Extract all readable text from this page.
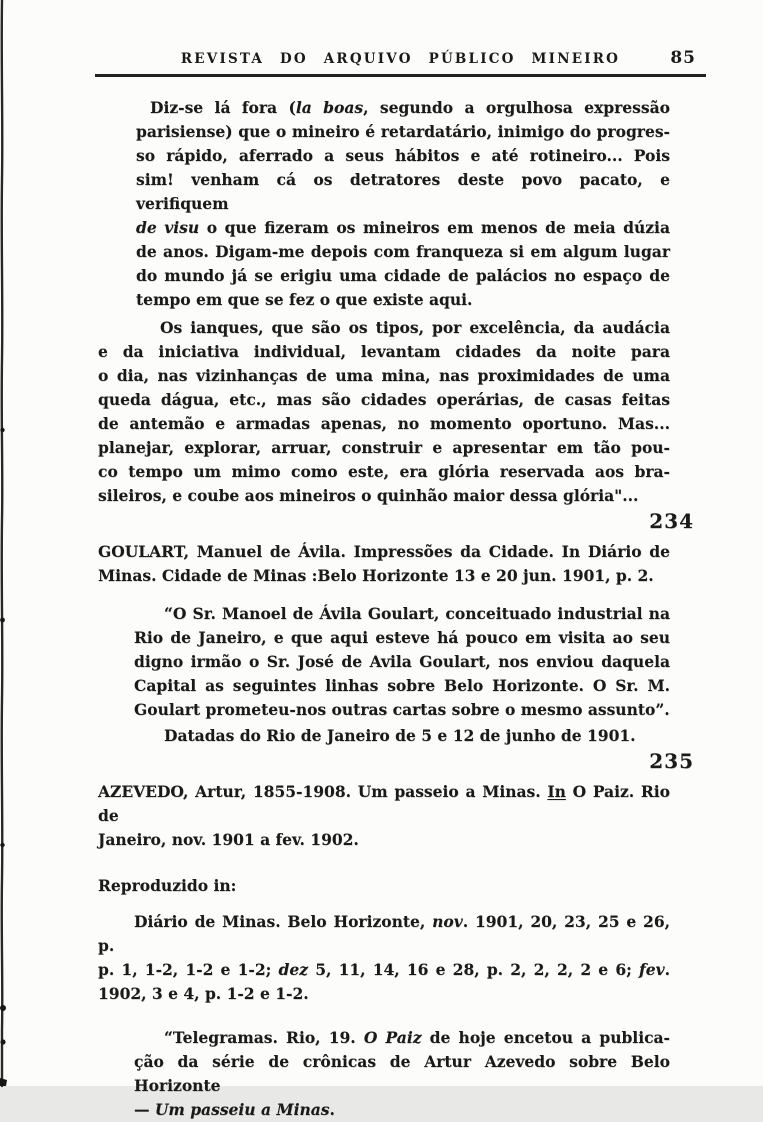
REVISTA DO ARQUIVO PÚBLICO MINEIRO	85
Diz-se lá fora (la boas, segundo a orgulhosa expressão
parisiense) que o mineiro é retardatário, inimigo do progres-
so rápido, aferrado a seus hábitos e até rotineiro... Pois
sim! venham cá os detratores deste povo pacato, e verifiquem
de visu o que fizeram os mineiros em menos de meia dúzia
de anos. Digam-me depois com franqueza si em algum lugar
do mundo já se erigiu uma cidade de palácios no espaço de
tempo em que se fez o que existe aqui.
Os ianques, que são os tipos, por excelência, da audácia
e da iniciativa individual, levantam cidades da noite para
o dia, nas vizinhanças de uma mina, nas proximidades de uma
queda dágua, etc., mas são cidades operárias, de casas feitas
de antemão e armadas apenas, no momento oportuno. Mas...
planejar, explorar, arruar, construir e apresentar em tão pou-
co tempo um mimo como este, era glória reservada aos bra-
sileiros, e coube aos mineiros o quinhão maior dessa glória"...
234
GOULART, Manuel de Ávila. Impressões da Cidade. In Diário de
Minas. Cidade de Minas :Belo Horizonte 13 e 20 jun. 1901, p. 2.
“O Sr. Manoel de Ávila Goulart, conceituado industrial na
Rio de Janeiro, e que aqui esteve há pouco em visita ao seu
digno irmão o Sr. José de Avila Goulart, nos enviou daquela
Capital as seguintes linhas sobre Belo Horizonte. O Sr. M.
Goulart prometeu-nos outras cartas sobre o mesmo assunto”.
Datadas do Rio de Janeiro de 5 e 12 de junho de 1901.
235
AZEVEDO, Artur, 1855-1908. Um passeio a Minas. In O Paiz. Rio de
Janeiro, nov. 1901 a fev. 1902.
Reproduzido in:
Diário de Minas. Belo Horizonte, nov. 1901, 20, 23, 25 e 26, p.
p. 1, 1-2, 1-2 e 1-2; dez 5, 11, 14, 16 e 28, p. 2, 2, 2, 2 e 6; fev.
1902, 3 e 4, p. 1-2 e 1-2.
“Telegramas. Rio, 19. O Paiz de hoje encetou a publica-
ção da série de crônicas de Artur Azevedo sobre Belo Horizonte
— Um passeiu a Minas.
